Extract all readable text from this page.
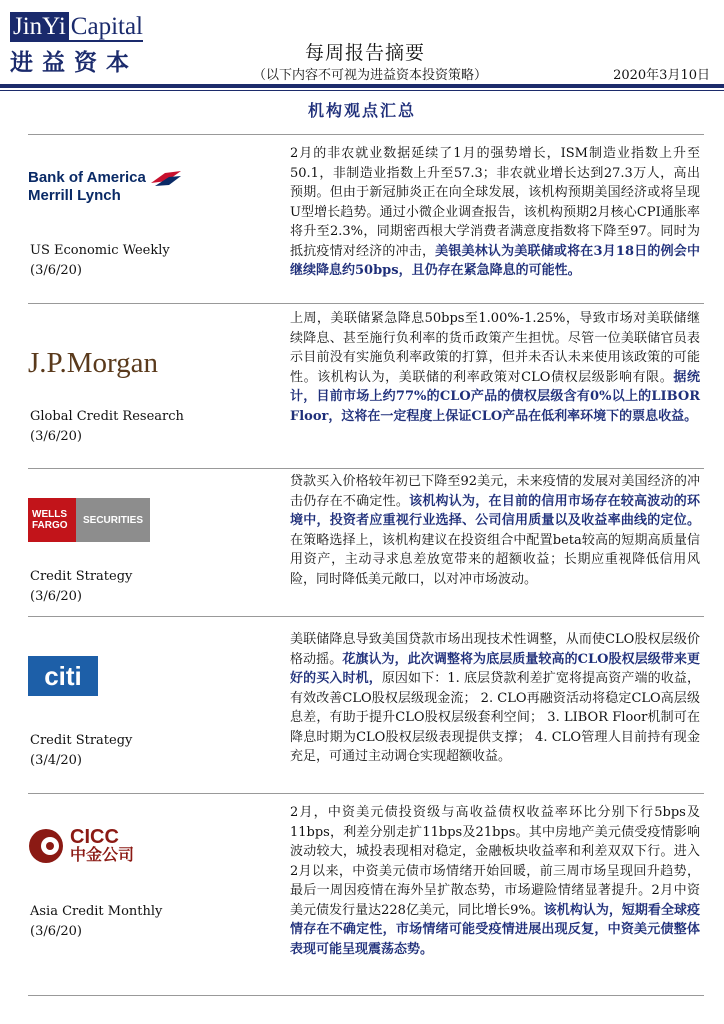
JinYi Capital
进益资本	每周报告摘要
（以下内容不可视为进益资本投资策略）	2020年3月10日
机构观点汇总
Bank of America
Merrill Lynch
US Economic Weekly
(3/6/20)
2月的非农就业数据延续了1月的强势增长，ISM制造业指数上升至50.1，非制造业指数上升至57.3；非农就业增长达到27.3万人，高出预期。但由于新冠肺炎正在向全球发展，该机构预期美国经济或将呈现U型增长趋势。通过小微企业调查报告，该机构预期2月核心CPI通胀率将升至2.3%，同期密西根大学消费者满意度指数将下降至97。同时为抵抗疫情对经济的冲击，美银美林认为美联储或将在3月18日的例会中继续降息约50bps，且仍存在紧急降息的可能性。
J.P.Morgan
Global Credit Research
(3/6/20)
上周，美联储紧急降息50bps至1.00%-1.25%，导致市场对美联储继续降息、甚至施行负利率的货币政策产生担忧。尽管一位美联储官员表示目前没有实施负利率政策的打算，但并未否认未来使用该政策的可能性。该机构认为，美联储的利率政策对CLO债权层级影响有限。据统计，目前市场上约77%的CLO产品的债权层级含有0%以上的LIBOR Floor，这将在一定程度上保证CLO产品在低利率环境下的票息收益。
WELLS
FARGO	SECURITIES
Credit Strategy
(3/6/20)
贷款买入价格较年初已下降至92美元，未来疫情的发展对美国经济的冲击仍存在不确定性。该机构认为，在目前的信用市场存在较高波动的环境中，投资者应重视行业选择、公司信用质量以及收益率曲线的定位。在策略选择上，该机构建议在投资组合中配置beta较高的短期高质量信用资产，主动寻求息差放宽带来的超额收益；长期应重视降低信用风险，同时降低美元敞口，以对冲市场波动。
citi
Credit Strategy
(3/4/20)
美联储降息导致美国贷款市场出现技术性调整，从而使CLO股权层级价格动摇。花旗认为，此次调整将为底层质量较高的CLO股权层级带来更好的买入时机，原因如下：1. 底层贷款利差扩宽将提高资产端的收益，有效改善CLO股权层级现金流； 2. CLO再融资活动将稳定CLO高层级息差，有助于提升CLO股权层级套利空间； 3. LIBOR Floor机制可在降息时期为CLO股权层级表现提供支撑； 4. CLO管理人目前持有现金充足，可通过主动调仓实现超额收益。
CICC
中金公司
Asia Credit Monthly
(3/6/20)
2月，中资美元债投资级与高收益债权收益率环比分别下行5bps及11bps，利差分别走扩11bps及21bps。其中房地产美元债受疫情影响波动较大，城投表现相对稳定，金融板块收益率和利差双双下行。进入2月以来，中资美元债市场情绪开始回暖，前三周市场呈现回升趋势，最后一周因疫情在海外呈扩散态势，市场避险情绪显著提升。2月中资美元债发行量达228亿美元，同比增长9%。该机构认为，短期看全球疫情存在不确定性，市场情绪可能受疫情进展出现反复，中资美元债整体表现可能呈现震荡态势。
